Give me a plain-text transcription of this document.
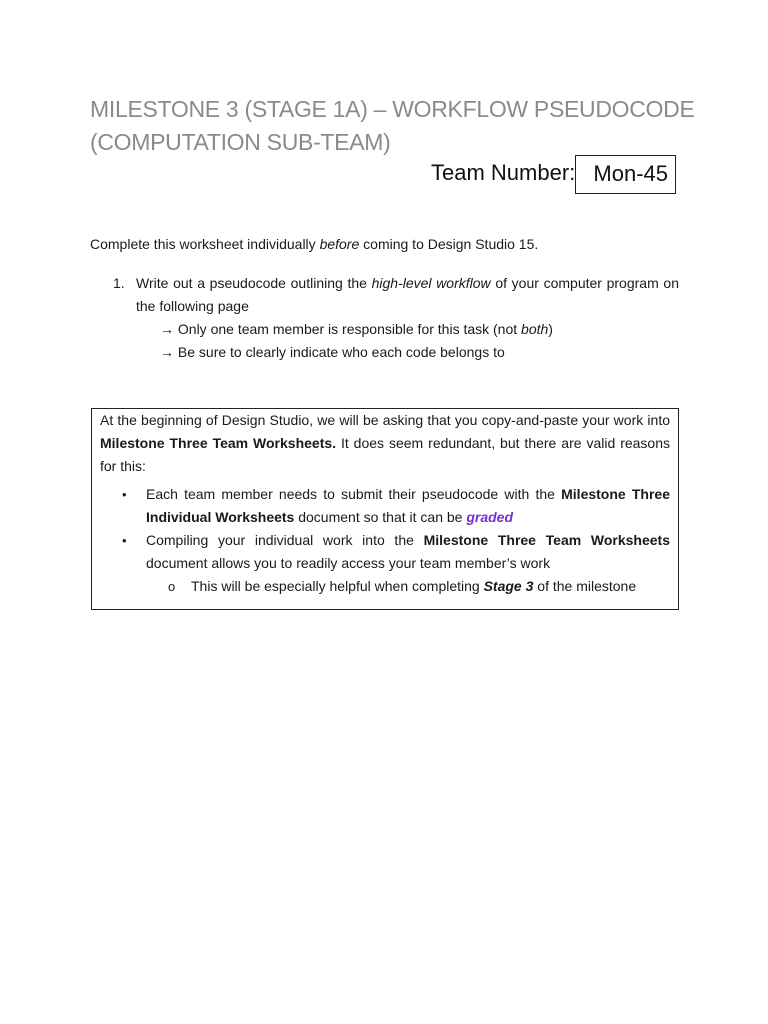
MILESTONE 3 (STAGE 1A) – WORKFLOW PSEUDOCODE
(COMPUTATION SUB-TEAM)
Team Number: Mon-45
Complete this worksheet individually before coming to Design Studio 15.
1. Write out a pseudocode outlining the high-level workflow of your computer program on the following page
→ Only one team member is responsible for this task (not both)
→ Be sure to clearly indicate who each code belongs to
At the beginning of Design Studio, we will be asking that you copy-and-paste your work into Milestone Three Team Worksheets. It does seem redundant, but there are valid reasons for this:
• Each team member needs to submit their pseudocode with the Milestone Three Individual Worksheets document so that it can be graded
• Compiling your individual work into the Milestone Three Team Worksheets document allows you to readily access your team member’s work
o This will be especially helpful when completing Stage 3 of the milestone
